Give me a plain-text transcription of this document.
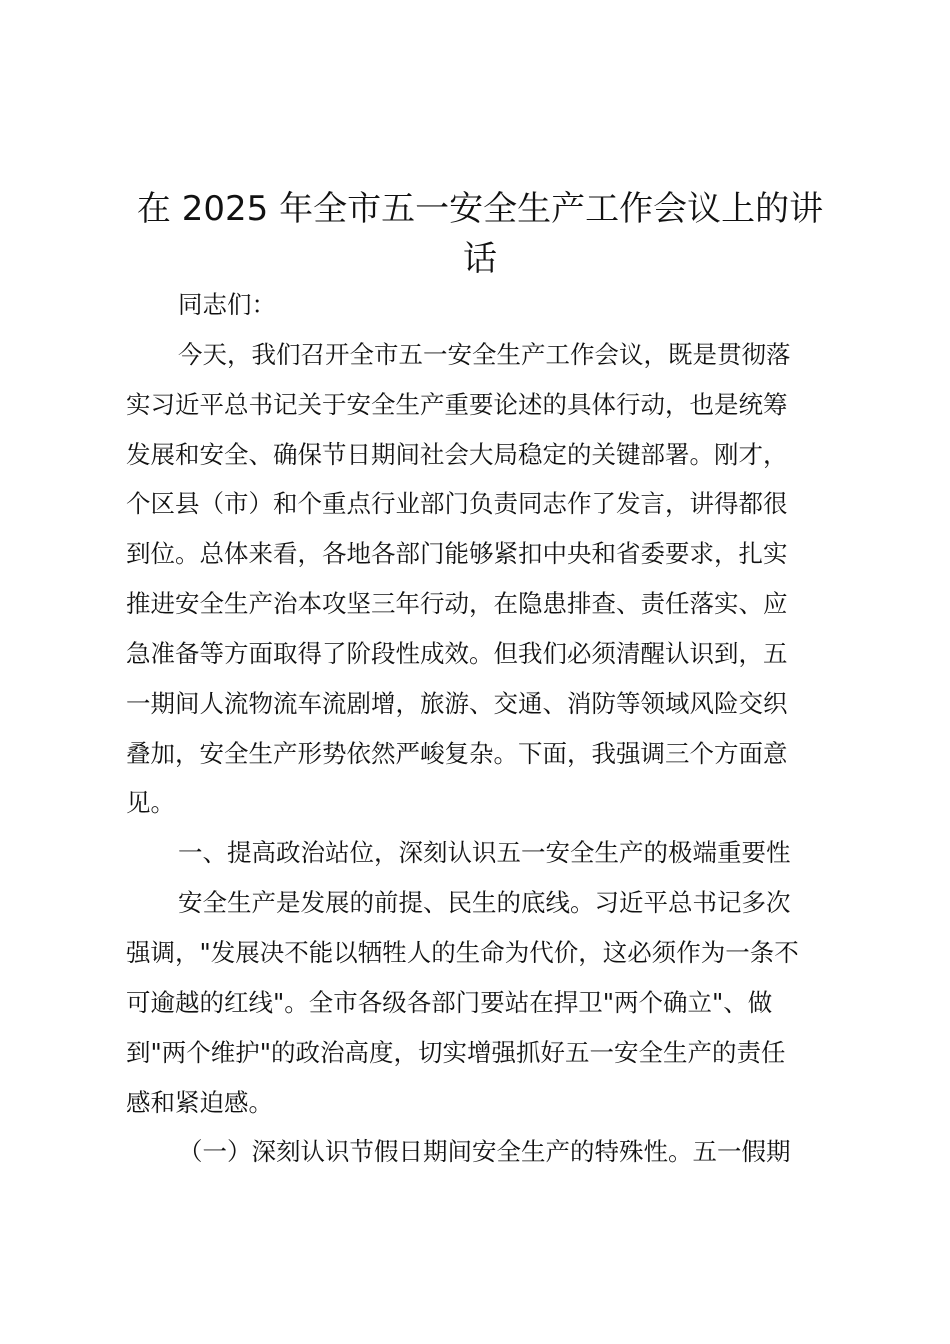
在 2025 年全市五一安全生产工作会议上的讲
话
同志们：
今天，我们召开全市五一安全生产工作会议，既是贯彻落
实习近平总书记关于安全生产重要论述的具体行动，也是统筹
发展和安全、确保节日期间社会大局稳定的关键部署。刚才，
个区县（市）和个重点行业部门负责同志作了发言，讲得都很
到位。总体来看，各地各部门能够紧扣中央和省委要求，扎实
推进安全生产治本攻坚三年行动，在隐患排查、责任落实、应
急准备等方面取得了阶段性成效。但我们必须清醒认识到，五
一期间人流物流车流剧增，旅游、交通、消防等领域风险交织
叠加，安全生产形势依然严峻复杂。下面，我强调三个方面意
见。
一、提高政治站位，深刻认识五一安全生产的极端重要性
安全生产是发展的前提、民生的底线。习近平总书记多次
强调，"发展决不能以牺牲人的生命为代价，这必须作为一条不
可逾越的红线"。全市各级各部门要站在捍卫"两个确立"、做
到"两个维护"的政治高度，切实增强抓好五一安全生产的责任
感和紧迫感。
（一）深刻认识节假日期间安全生产的特殊性。五一假期
